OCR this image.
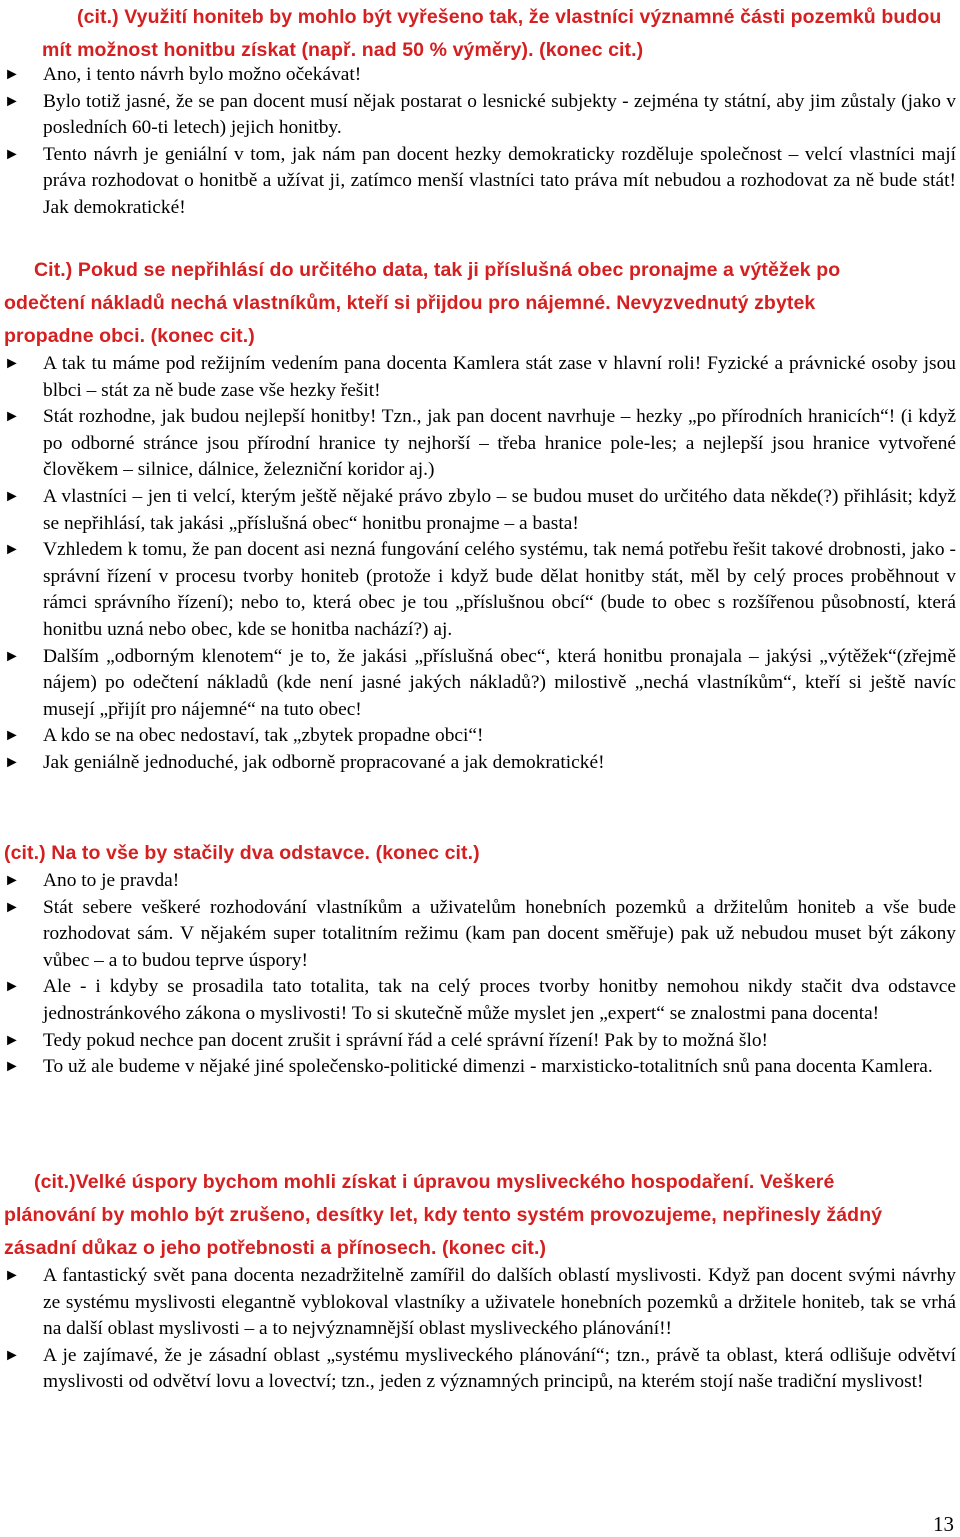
(cit.) Využití honiteb by mohlo být vyřešeno tak, že vlastníci významné části pozemků budou
mít možnost honitbu získat (např. nad 50 % výměry). (konec cit.)
► Ano, i tento návrh bylo možno očekávat!
► Bylo totiž jasné, že se pan docent musí nějak postarat o lesnické subjekty - zejména ty státní, aby jim zůstaly (jako v posledních 60-ti letech) jejich honitby.
► Tento návrh je geniální v tom, jak nám pan docent hezky demokraticky rozděluje společnost – velcí vlastníci mají práva rozhodovat o honitbě a užívat ji, zatímco menší vlastníci tato práva mít nebudou a rozhodovat za ně bude stát! Jak demokratické!
Cit.) Pokud se nepřihlásí do určitého data, tak ji příslušná obec pronajme a výtěžek po
odečtení nákladů nechá vlastníkům, kteří si přijdou pro nájemné. Nevyzvednutý zbytek
propadne obci. (konec cit.)
► A tak tu máme pod režijním vedením pana docenta Kamlera stát zase v hlavní roli! Fyzické a právnické osoby jsou blbci – stát za ně bude zase vše hezky řešit!
► Stát rozhodne, jak budou nejlepší honitby! Tzn., jak pan docent navrhuje – hezky „po přírodních hranicích“! (i když po odborné stránce jsou přírodní hranice ty nejhorší – třeba hranice pole-les; a nejlepší jsou hranice vytvořené člověkem – silnice, dálnice, železniční koridor aj.)
► A vlastníci – jen ti velcí, kterým ještě nějaké právo zbylo – se budou muset do určitého data někde(?) přihlásit; když se nepřihlásí, tak jakási „příslušná obec“ honitbu pronajme – a basta!
► Vzhledem k tomu, že pan docent asi nezná fungování celého systému, tak nemá potřebu řešit takové drobnosti, jako - správní řízení v procesu tvorby honiteb (protože i když bude dělat honitby stát, měl by celý proces proběhnout v rámci správního řízení); nebo to, která obec je tou „příslušnou obcí“ (bude to obec s rozšířenou působností, která honitbu uzná nebo obec, kde se honitba nachází?) aj.
► Dalším „odborným klenotem“ je to, že jakási „příslušná obec“, která honitbu pronajala – jakýsi „výtěžek“(zřejmě nájem) po odečtení nákladů (kde není jasné jakých nákladů?) milostivě „nechá vlastníkům“, kteří si ještě navíc musejí „přijít pro nájemné“ na tuto obec!
► A kdo se na obec nedostaví, tak „zbytek propadne obci“!
► Jak geniálně jednoduché, jak odborně propracované a jak demokratické!
(cit.) Na to vše by stačily dva odstavce. (konec cit.)
► Ano to je pravda!
► Stát sebere veškeré rozhodování vlastníkům a uživatelům honebních pozemků a držitelům honiteb a vše bude rozhodovat sám. V nějakém super totalitním režimu (kam pan docent směřuje) pak už nebudou muset být zákony vůbec – a to budou teprve úspory!
► Ale - i kdyby se prosadila tato totalita, tak na celý proces tvorby honitby nemohou nikdy stačit dva odstavce jednostránkového zákona o myslivosti! To si skutečně může myslet jen „expert“ se znalostmi pana docenta!
► Tedy pokud nechce pan docent zrušit i správní řád a celé správní řízení! Pak by to možná šlo!
► To už ale budeme v nějaké jiné společensko-politické dimenzi - marxisticko-totalitních snů pana docenta Kamlera.
(cit.)Velké úspory bychom mohli získat i úpravou mysliveckého hospodaření. Veškeré
plánování by mohlo být zrušeno, desítky let, kdy tento systém provozujeme, nepřinesly žádný
zásadní důkaz o jeho potřebnosti a přínosech. (konec cit.)
► A fantastický svět pana docenta nezadržitelně zamířil do dalších oblastí myslivosti. Když pan docent svými návrhy ze systému myslivosti elegantně vyblokoval vlastníky a uživatele honebních pozemků a držitele honiteb, tak se vrhá na další oblast myslivosti – a to nejvýznamnější oblast mysliveckého plánování!!
► A je zajímavé, že je zásadní oblast „systému mysliveckého plánování“; tzn., právě ta oblast, která odlišuje odvětví myslivosti od odvětví lovu a lovectví; tzn., jeden z významných principů, na kterém stojí naše tradiční myslivost!
13
